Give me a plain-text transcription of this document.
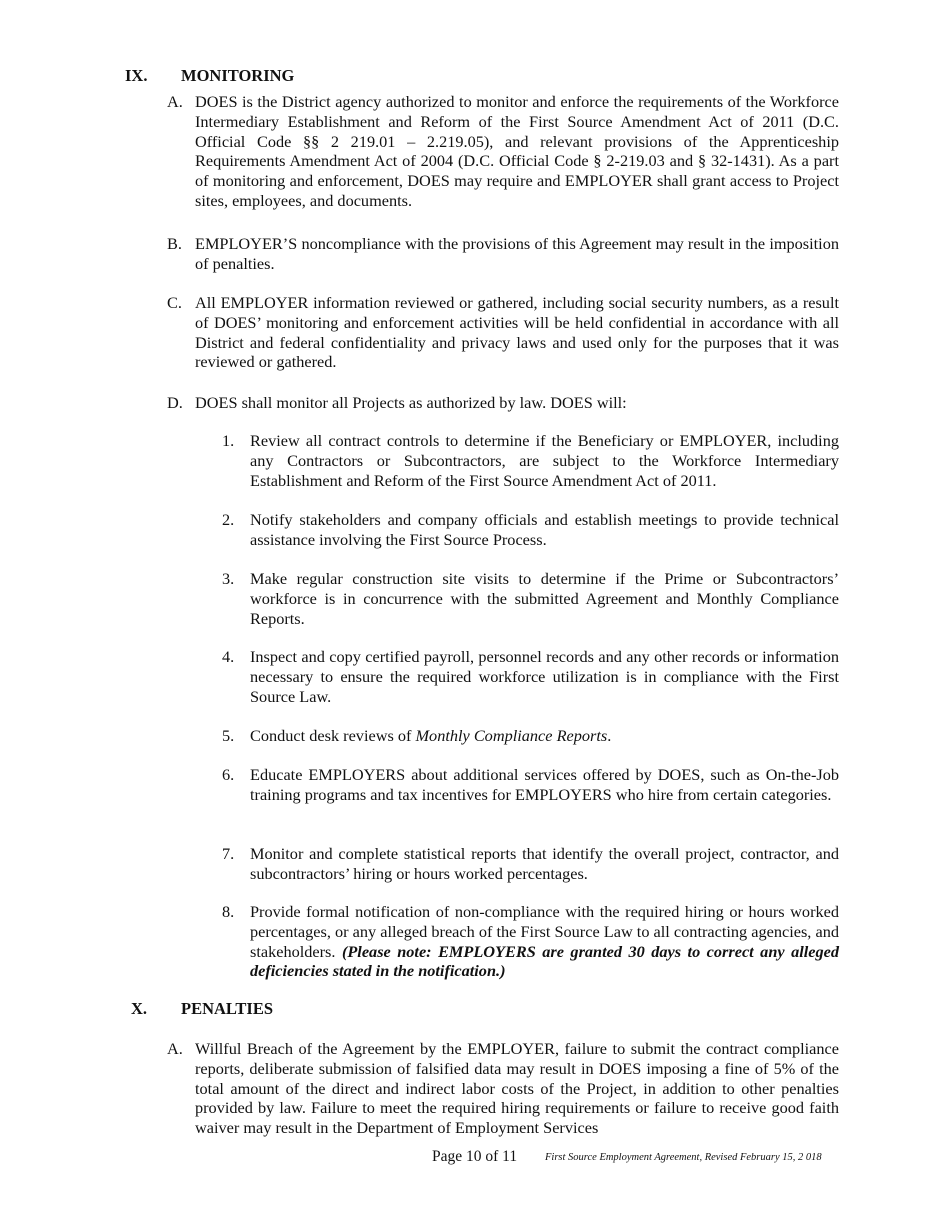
IX. MONITORING
A. DOES is the District agency authorized to monitor and enforce the requirements of the Workforce Intermediary Establishment and Reform of the First Source Amendment Act of 2011 (D.C. Official Code §§ 2 219.01 – 2.219.05), and relevant provisions of the Apprenticeship Requirements Amendment Act of 2004 (D.C. Official Code § 2-219.03 and § 32-1431). As a part of monitoring and enforcement, DOES may require and EMPLOYER shall grant access to Project sites, employees, and documents.
B. EMPLOYER’S noncompliance with the provisions of this Agreement may result in the imposition of penalties.
C. All EMPLOYER information reviewed or gathered, including social security numbers, as a result of DOES’ monitoring and enforcement activities will be held confidential in accordance with all District and federal confidentiality and privacy laws and used only for the purposes that it was reviewed or gathered.
D. DOES shall monitor all Projects as authorized by law. DOES will:
1. Review all contract controls to determine if the Beneficiary or EMPLOYER, including any Contractors or Subcontractors, are subject to the Workforce Intermediary Establishment and Reform of the First Source Amendment Act of 2011.
2. Notify stakeholders and company officials and establish meetings to provide technical assistance involving the First Source Process.
3. Make regular construction site visits to determine if the Prime or Subcontractors’ workforce is in concurrence with the submitted Agreement and Monthly Compliance Reports.
4. Inspect and copy certified payroll, personnel records and any other records or information necessary to ensure the required workforce utilization is in compliance with the First Source Law.
5. Conduct desk reviews of Monthly Compliance Reports.
6. Educate EMPLOYERS about additional services offered by DOES, such as On-the-Job training programs and tax incentives for EMPLOYERS who hire from certain categories.
7. Monitor and complete statistical reports that identify the overall project, contractor, and subcontractors’ hiring or hours worked percentages.
8. Provide formal notification of non-compliance with the required hiring or hours worked percentages, or any alleged breach of the First Source Law to all contracting agencies, and stakeholders. (Please note: EMPLOYERS are granted 30 days to correct any alleged deficiencies stated in the notification.)
X. PENALTIES
A. Willful Breach of the Agreement by the EMPLOYER, failure to submit the contract compliance reports, deliberate submission of falsified data may result in DOES imposing a fine of 5% of the total amount of the direct and indirect labor costs of the Project, in addition to other penalties provided by law. Failure to meet the required hiring requirements or failure to receive good faith waiver may result in the Department of Employment Services
Page 10 of 11	First Source Employment Agreement, Revised February 15, 2 018
